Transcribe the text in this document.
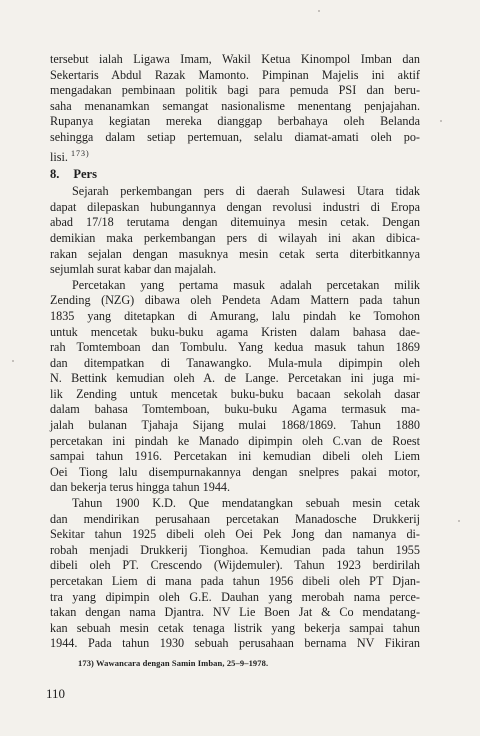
tersebut ialah Ligawa Imam, Wakil Ketua Kinompol Imban dan
Sekertaris Abdul Razak Mamonto. Pimpinan Majelis ini aktif
mengadakan pembinaan politik bagi para pemuda PSI dan beru-
saha menanamkan semangat nasionalisme menentang penjajahan.
Rupanya kegiatan mereka dianggap berbahaya oleh Belanda
sehingga dalam setiap pertemuan, selalu diamat-amati oleh po-
lisi. $^{173)}$

8. Pers

Sejarah perkembangan pers di daerah Sulawesi Utara tidak
dapat dilepaskan hubungannya dengan revolusi industri di Eropa
abad 17/18 terutama dengan ditemuinya mesin cetak. Dengan
demikian maka perkembangan pers di wilayah ini akan dibica-
rakan sejalan dengan masuknya mesin cetak serta diterbitkannya
sejumlah surat kabar dan majalah.

Percetakan yang pertama masuk adalah percetakan milik
Zending (NZG) dibawa oleh Pendeta Adam Mattern pada tahun
1835 yang ditetapkan di Amurang, lalu pindah ke Tomohon
untuk mencetak buku-buku agama Kristen dalam bahasa dae-
rah Tomtemboan dan Tombulu. Yang kedua masuk tahun 1869
dan ditempatkan di Tanawangko. Mula-mula dipimpin oleh
N. Bettink kemudian oleh A. de Lange. Percetakan ini juga mi-
lik Zending untuk mencetak buku-buku bacaan sekolah dasar
dalam bahasa Tomtemboan, buku-buku Agama termasuk ma-
jalah bulanan Tjahaja Sijang mulai 1868/1869. Tahun 1880
percetakan ini pindah ke Manado dipimpin oleh C.van de Roest
sampai tahun 1916. Percetakan ini kemudian dibeli oleh Liem
Oei Tiong lalu disempurnakannya dengan snelpres pakai motor,
dan bekerja terus hingga tahun 1944.

Tahun 1900 K.D. Que mendatangkan sebuah mesin cetak
dan mendirikan perusahaan percetakan Manadosche Drukkerij
Sekitar tahun 1925 dibeli oleh Oei Pek Jong dan namanya di-
robah menjadi Drukkerij Tionghoa. Kemudian pada tahun 1955
dibeli oleh PT. Crescendo (Wijdemuler). Tahun 1923 berdirilah
percetakan Liem di mana pada tahun 1956 dibeli oleh PT Djan-
tra yang dipimpin oleh G.E. Dauhan yang merobah nama perce-
takan dengan nama Djantra. NV Lie Boen Jat & Co mendatang-
kan sebuah mesin cetak tenaga listrik yang bekerja sampai tahun
1944. Pada tahun 1930 sebuah perusahaan bernama NV Fikiran

173) Wawancara dengan Samin Imban, 25–9–1978.
110
